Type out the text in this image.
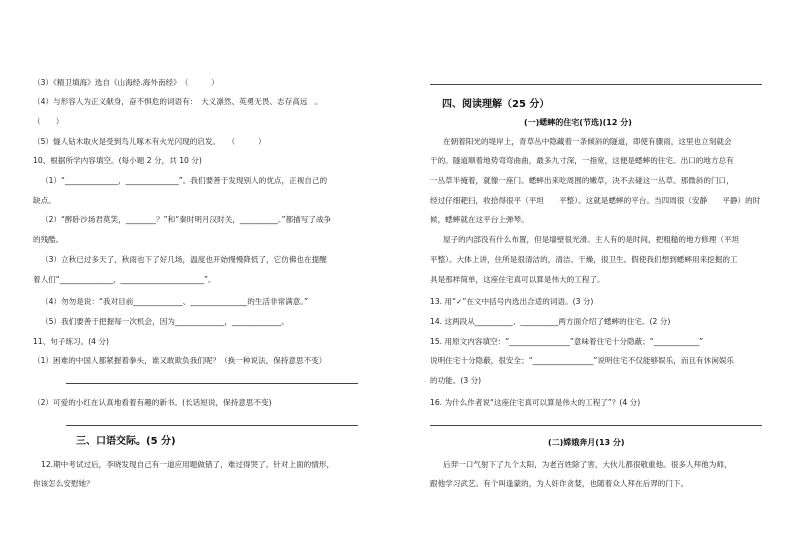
（3）《精卫填海》选自《山海经.海外南经》　（　　　）
（4）与形容人为正义献身，奋不惧危的词语有：　大义凛然、英勇无畏、志存高远　。
（　　）
（5）燧人钻木取火是受到鸟儿啄木有火光闪现的启发。　　（　　　）
10、根据所学内容填空。(每小题 2 分，共 10 分)
（1）“______________，______________”。我们要善于发现别人的优点，正视自己的
缺点。
（2）“醉卧沙场君莫笑，________？”和“秦时明月汉时关，__________。”都描写了战争
的残酷。
（3）立秋已过多天了，秋雨也下了好几场，温度也开始慢慢降低了，它仿佛也在提醒
着人们“______________，______________________”。
（4）勿勿是说：“我对目前_____________、_______________的生活非常满意。”
（5）我们要善于把握每一次机会，因为_____________，_____________。
11、句子练习。(4 分)
（1）困难的中国人都紧握着拳头，谁又敢欺负我们呢？（换一种说法，保持意思不变）
（2）可爱的小红在认真地看着有趣的新书。(长话短说，保持意思不变)
三、口语交际。(5 分)
12.期中考试过后，李晓发现自己有一道应用题做错了，难过得哭了。针对上面的情形，
你该怎么安慰她？
四、阅读理解（25 分）
(一)蟋蟀的住宅(节选)(12 分)
在朝着阳光的堤岸上，青草丛中隐藏着一条倾斜的隧道，即使有骤雨，这里也立刻就会
干的。隧道顺着地势弯弯曲曲，最多九寸深，一指宽，这便是蟋蟀的住宅。出口的地方总有
一丛草半掩着，就像一座门。蟋蟀出来吃周围的嫩草，决不去碰这一丛草。那微斜的门口，
经过仔细耙扫，收拾得很平（平坦　　平整）。这就是蟋蟀的平台。当四周很（安静　　平静）的时
候，蟋蟀就在这平台上弹琴。
屋子的内部没有什么布置，但是墙壁很光滑。主人有的是时间，把粗糙的地方修理（平坦
平整）。大体上讲，住所是很清洁的，清洁、干燥，很卫生。假使我们想到蟋蟀用来挖掘的工
具是那样简单，这座住宅真可以算是伟大的工程了。
13. 用“✓”在文中括号内选出合适的词语。(3 分)
14. 这两段从__________、__________两方面介绍了蟋蟀的住宅。(2 分)
15. 用原文内容填空：“________________”意味着住宅十分隐蔽；“____________”
说明住宅十分隐蔽，很安全；“________________”说明住宅不仅能够娱乐，而且有休闲娱乐
的功能。(3 分)
16. 为什么作者说“这座住宅真可以算是伟大的工程了”？(4 分)
(二)嫦娥奔月(13 分)
后羿一口气射下了九个太阳，为老百姓除了害，大伙儿都很敬重他。很多人拜他为师，
跟他学习武艺。有个叫逢蒙的，为人奸诈贪婪，也随着众人拜在后羿的门下。
